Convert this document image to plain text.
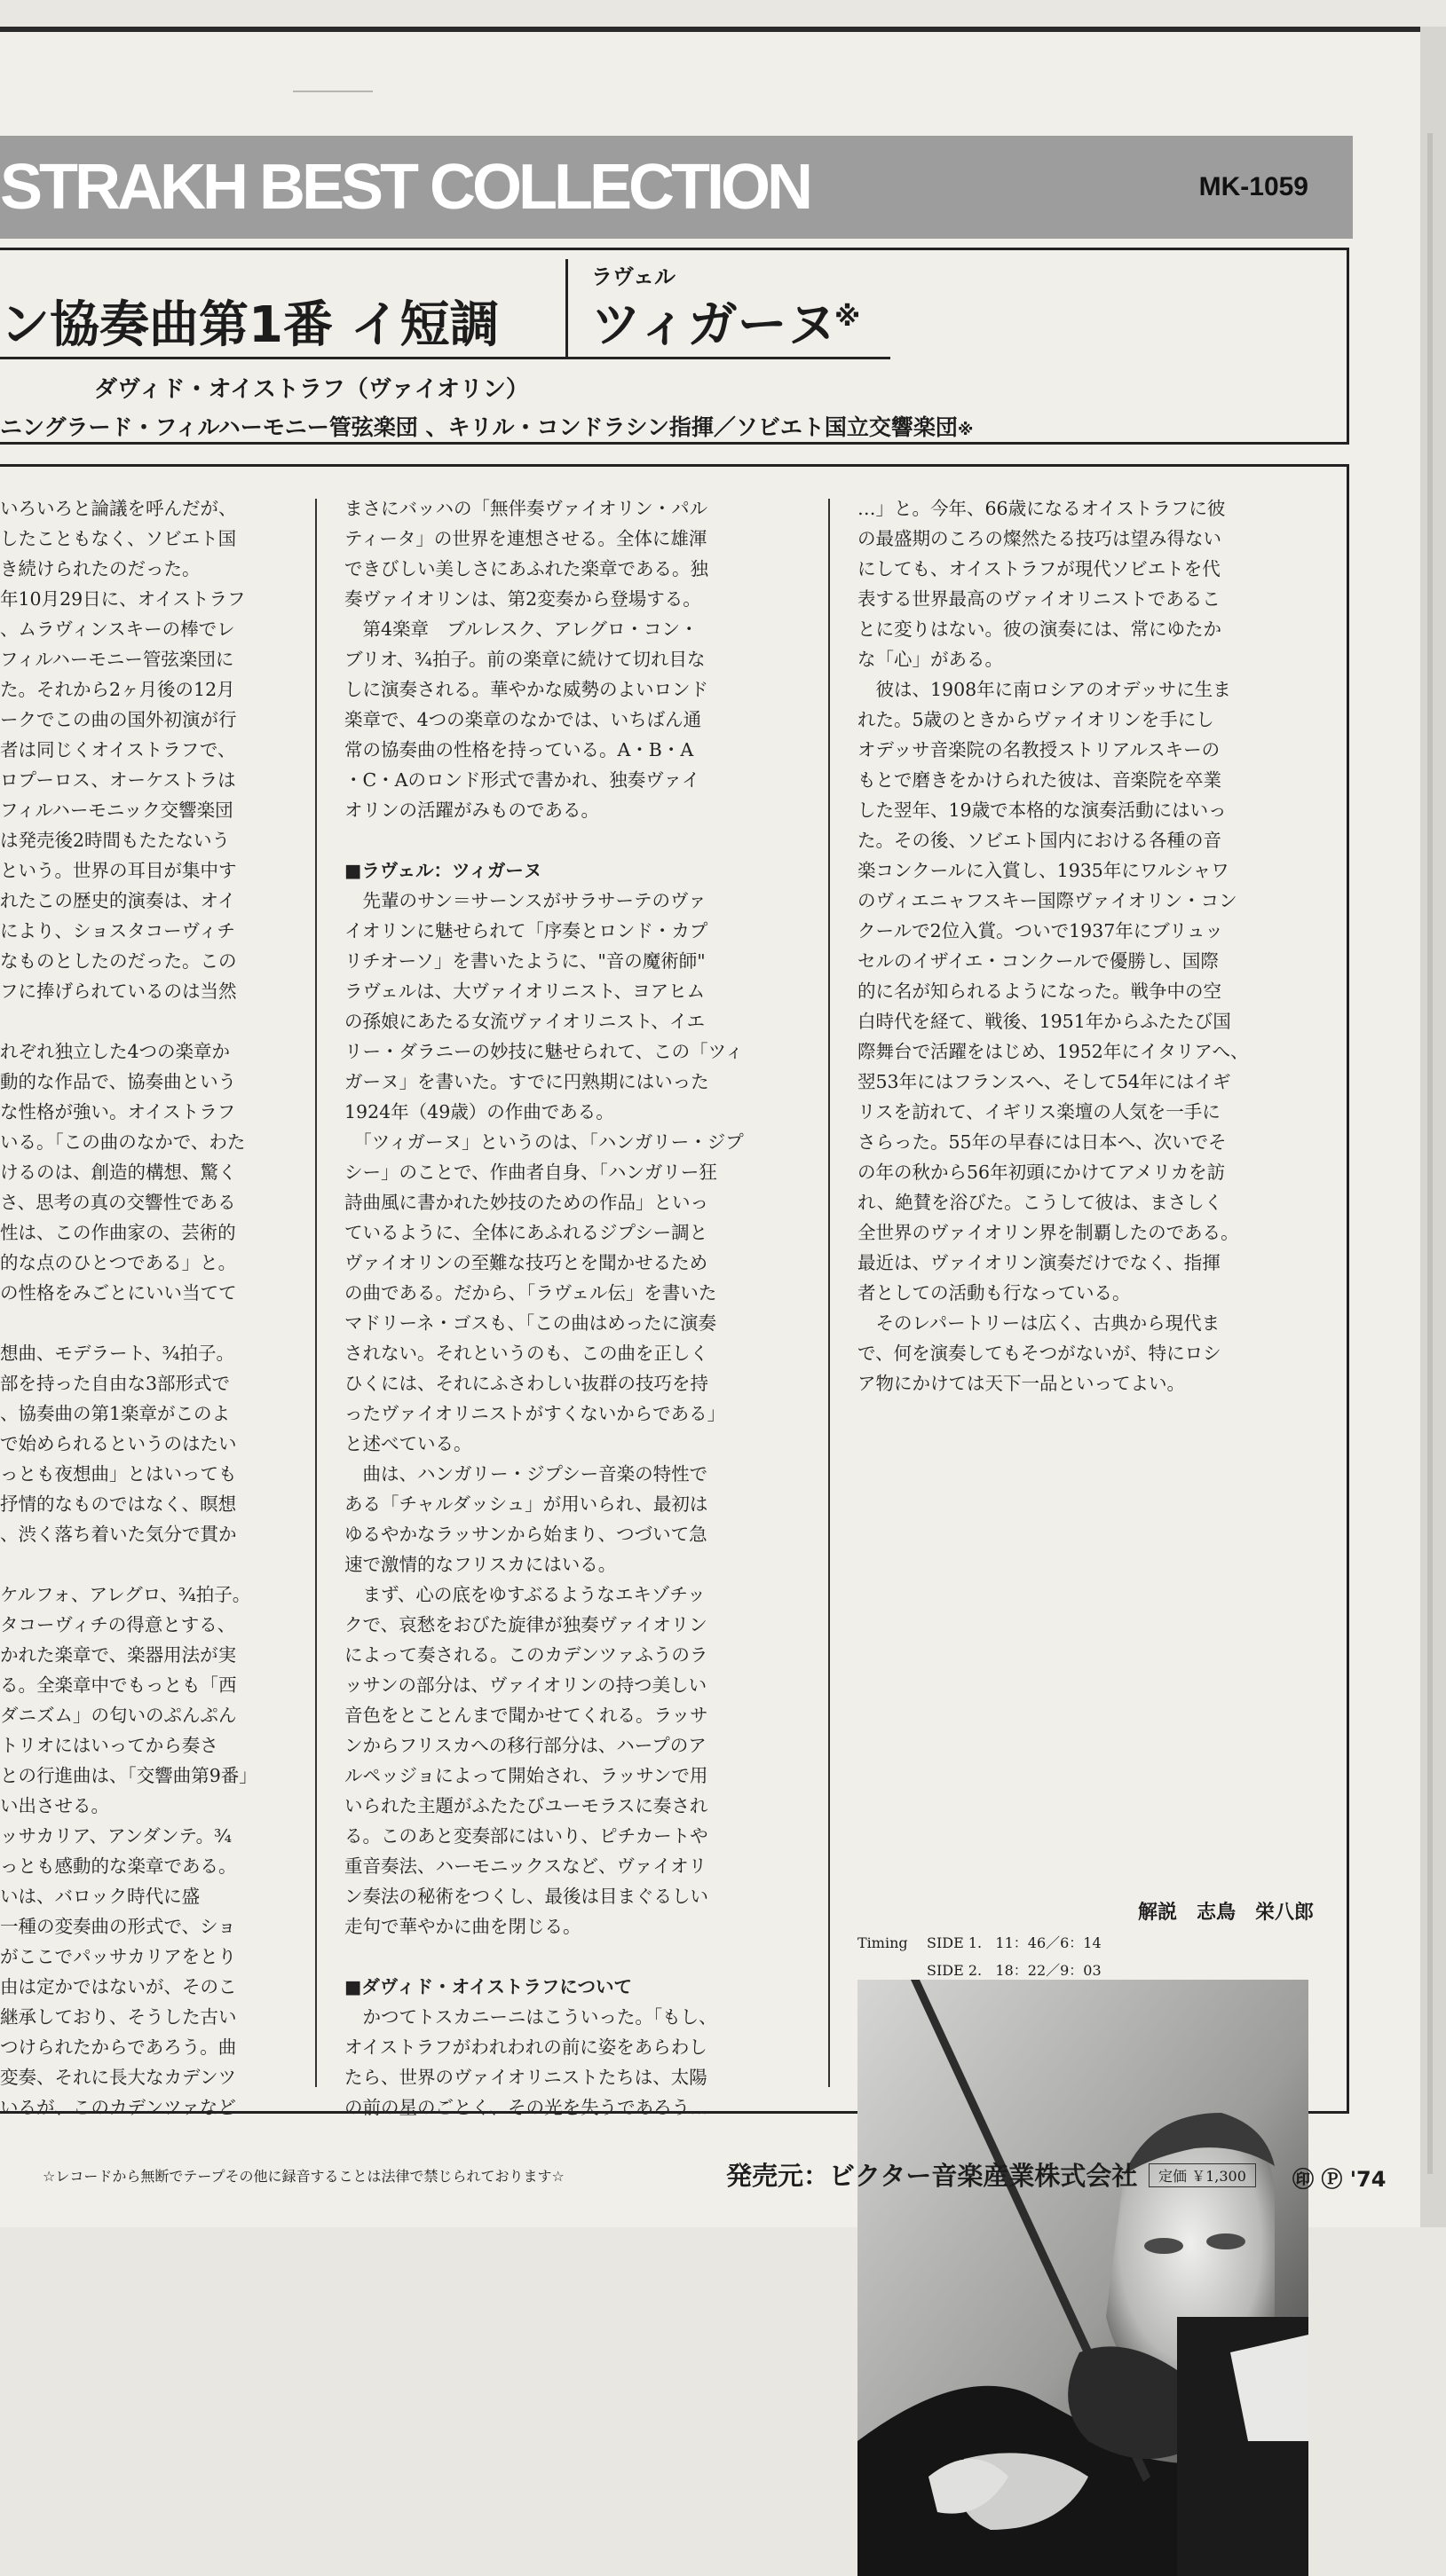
STRAKH BEST COLLECTION	MK-1059
ン協奏曲第1番 イ短調
ラヴェル
ツィガーヌ
※
ダヴィド・オイストラフ（ヴァイオリン）
ニングラード・フィルハーモニー管弦楽団 、キリル・コンドラシン指揮／ソビエト国立交響楽団※

いろいろと論議を呼んだが、

したこともなく、ソビエト国

き続けられたのだった。

年10月29日に、オイストラフ

、ムラヴィンスキーの棒でレ

フィルハーモニー管弦楽団に

た。それから2ヶ月後の12月

ークでこの曲の国外初演が行

者は同じくオイストラフで、

ロプーロス、オーケストラは

フィルハーモニック交響楽団

は発売後2時間もたたないう

という。世界の耳目が集中す

れたこの歴史的演奏は、オイ

により、ショスタコーヴィチ

なものとしたのだった。この

フに捧げられているのは当然

れぞれ独立した4つの楽章か

動的な作品で、協奏曲という

な性格が強い。オイストラフ

いる。「この曲のなかで、わた

けるのは、創造的構想、驚く

さ、思考の真の交響性である

性は、この作曲家の、芸術的

的な点のひとつである」と。

の性格をみごとにいい当てて

想曲、モデラート、¾拍子。

部を持った自由な3部形式で

、協奏曲の第1楽章がこのよ

で始められるというのはたい

っとも夜想曲」とはいっても

抒情的なものではなく、瞑想

、渋く落ち着いた気分で貫か

ケルフォ、アレグロ、¾拍子。

タコーヴィチの得意とする、

かれた楽章で、楽器用法が実

る。全楽章中でもっとも「西

ダニズム」の匂いのぷんぷん

トリオにはいってから奏さ

との行進曲は、「交響曲第9番」

い出させる。

ッサカリア、アンダンテ。¾

っとも感動的な楽章である。

いは、バロック時代に盛

一種の変奏曲の形式で、ショ

がここでパッサカリアをとり

由は定かではないが、そのこ

継承しており、そうした古い

つけられたからであろう。曲

変奏、それに長大なカデンツ

いるが、このカデンツァなど

まさにバッハの「無伴奏ヴァイオリン・パル

ティータ」の世界を連想させる。全体に雄渾

できびしい美しさにあふれた楽章である。独

奏ヴァイオリンは、第2変奏から登場する。

　第4楽章　ブルレスク、アレグロ・コン・

ブリオ、¾拍子。前の楽章に続けて切れ目な

しに演奏される。華やかな威勢のよいロンド

楽章で、4つの楽章のなかでは、いちばん通

常の協奏曲の性格を持っている。A・B・A

・C・Aのロンド形式で書かれ、独奏ヴァイ

オリンの活躍がみものである。

■ラヴェル：ツィガーヌ

　先輩のサン＝サーンスがサラサーテのヴァ

イオリンに魅せられて「序奏とロンド・カプ

リチオーソ」を書いたように、"音の魔術師"

ラヴェルは、大ヴァイオリニスト、ヨアヒム

の孫娘にあたる女流ヴァイオリニスト、イエ

リー・ダラニーの妙技に魅せられて、この「ツィ

ガーヌ」を書いた。すでに円熟期にはいった

1924年（49歳）の作曲である。

　「ツィガーヌ」というのは、「ハンガリー・ジプ

シー」のことで、作曲者自身、「ハンガリー狂

詩曲風に書かれた妙技のための作品」といっ

ているように、全体にあふれるジプシー調と

ヴァイオリンの至難な技巧とを聞かせるため

の曲である。だから、「ラヴェル伝」を書いた

マドリーネ・ゴスも、「この曲はめったに演奏

されない。それというのも、この曲を正しく

ひくには、それにふさわしい抜群の技巧を持

ったヴァイオリニストがすくないからである」

と述べている。

　曲は、ハンガリー・ジプシー音楽の特性で

ある「チャルダッシュ」が用いられ、最初は

ゆるやかなラッサンから始まり、つづいて急

速で激情的なフリスカにはいる。

　まず、心の底をゆすぶるようなエキゾチッ

クで、哀愁をおびた旋律が独奏ヴァイオリン

によって奏される。このカデンツァふうのラ

ッサンの部分は、ヴァイオリンの持つ美しい

音色をとことんまで聞かせてくれる。ラッサ

ンからフリスカへの移行部分は、ハープのア

ルペッジョによって開始され、ラッサンで用

いられた主題がふたたびユーモラスに奏され

る。このあと変奏部にはいり、ピチカートや

重音奏法、ハーモニックスなど、ヴァイオリ

ン奏法の秘術をつくし、最後は目まぐるしい

走句で華やかに曲を閉じる。

■ダヴィド・オイストラフについて

　かつてトスカニーニはこういった。「もし、

オイストラフがわれわれの前に姿をあらわし

たら、世界のヴァイオリニストたちは、太陽

の前の星のごとく、その光を失うであろう…

…」と。今年、66歳になるオイストラフに彼

の最盛期のころの燦然たる技巧は望み得ない

にしても、オイストラフが現代ソビエトを代

表する世界最高のヴァイオリニストであるこ

とに変りはない。彼の演奏には、常にゆたか

な「心」がある。

　彼は、1908年に南ロシアのオデッサに生ま

れた。5歳のときからヴァイオリンを手にし

オデッサ音楽院の名教授ストリアルスキーの

もとで磨きをかけられた彼は、音楽院を卒業

した翌年、19歳で本格的な演奏活動にはいっ

た。その後、ソビエト国内における各種の音

楽コンクールに入賞し、1935年にワルシャワ

のヴィエニャフスキー国際ヴァイオリン・コン

クールで2位入賞。ついで1937年にブリュッ

セルのイザイエ・コンクールで優勝し、国際

的に名が知られるようになった。戦争中の空

白時代を経て、戦後、1951年からふたたび国

際舞台で活躍をはじめ、1952年にイタリアへ、

翌53年にはフランスへ、そして54年にはイギ

リスを訪れて、イギリス楽壇の人気を一手に

さらった。55年の早春には日本へ、次いでそ

の年の秋から56年初頭にかけてアメリカを訪

れ、絶賛を浴びた。こうして彼は、まさしく

全世界のヴァイオリン界を制覇したのである。

最近は、ヴァイオリン演奏だけでなく、指揮

者としての活動も行なっている。

　そのレパートリーは広く、古典から現代ま

で、何を演奏してもそつがないが、特にロシ

ア物にかけては天下一品といってよい。

解説　志鳥　栄八郎
Timing SIDE 1. 11：46／6：14
SIDE 2. 18：22／9：03
☆レコードから無断でテープその他に録音することは法律で禁じられております☆	発売元：ビクター音楽産業株式会社	定価 ￥1,300	㊞ Ⓟ '74
